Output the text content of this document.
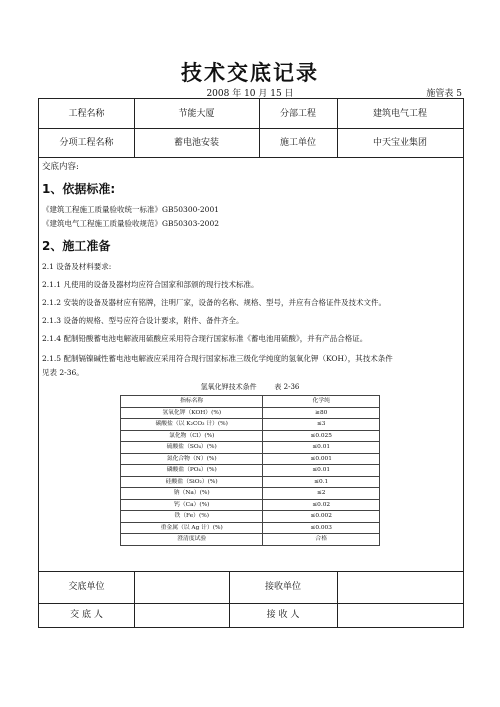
技术交底记录
2008 年 10 月 15 日	施管表 5
工程名称	节能大厦	分部工程	建筑电气工程
分项工程名称	蓄电池安装	施工单位	中天宝业集团
交底单位	接收单位
交 底 人	接 收 人
交底内容:
1、依据标准:
《建筑工程施工质量验收统一标准》GB50300-2001
《建筑电气工程施工质量验收规范》GB50303-2002
2、施工准备
2.1 设备及材料要求:
2.1.1 凡使用的设备及器材均应符合国家和部颁的现行技术标准。
2.1.2 安装的设备及器材应有铭牌，注明厂家，设备的名称、规格、型号，并应有合格证件及技术文件。
2.1.3 设备的规格、型号应符合设计要求，附件、备件齐全。
2.1.4 配制铅酸蓄电池电解液用硫酸应采用符合现行国家标准《蓄电池用硫酸》，并有产品合格证。
2.1.5 配制镉镍碱性蓄电池电解液应采用符合现行国家标准三级化学纯度的氢氧化钾（KOH），其技术条件
见表 2-36。
氢氧化钾技术条件        表 2-36
指标名称	化学纯
氢氧化钾（KOH）(%)	≥80
碳酸盐（以 K₂CO₃ 计）(%)	≤3
氯化物（Cl）(%)	≤0.025
硫酸盐（SO₄）(%)	≤0.01
氮化合物（N）(%)	≤0.001
磷酸盐（PO₄）(%)	≤0.01
硅酸盐（SiO₂）(%)	≤0.1
钠（Na）(%)	≤2
钙（Ca）(%)	≤0.02
铁（Fe）(%)	≤0.002
重金属（以 Ag 计）(%)	≤0.003
澄清度试验	合格
